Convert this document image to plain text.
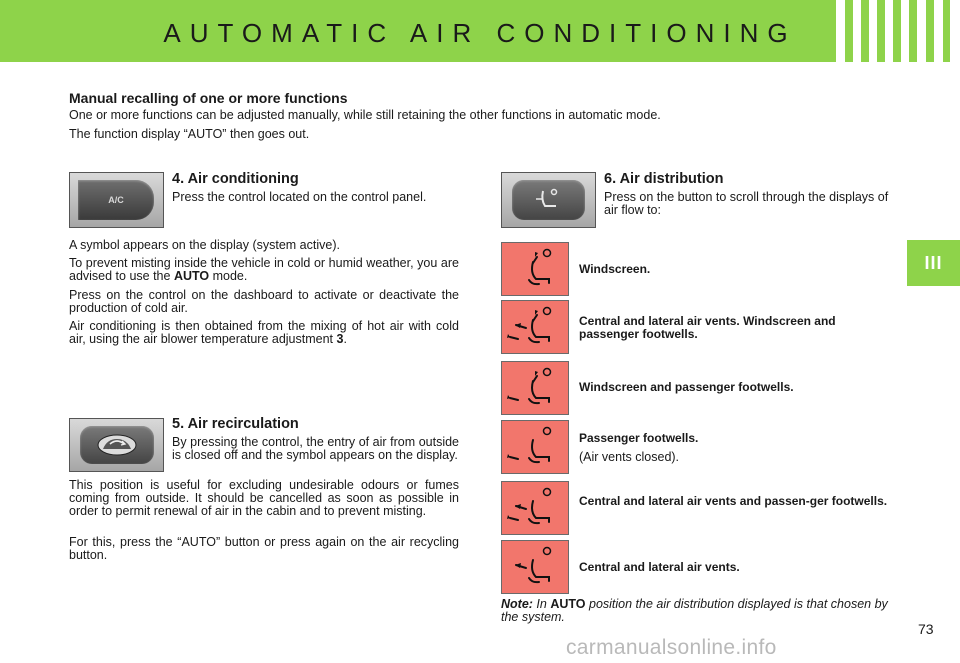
AUTOMATIC AIR CONDITIONING
III
Manual recalling of one or more functions
One or more functions can be adjusted manually, while still retaining the other functions in automatic mode.
The function display “AUTO” then goes out.
A/C
4. Air conditioning
Press the control located on the control panel.
A symbol appears on the display (system active).
To prevent misting inside the vehicle in cold or humid weather, you are advised to use the AUTO mode.
Press on the control on the dashboard to activate or deactivate the production of cold air.
Air conditioning is then obtained from the mixing of hot air with cold air, using the air blower temperature adjustment 3.
5. Air recirculation
By pressing the control, the entry of air from outside is closed off and the symbol appears on the display.
This position is useful for excluding undesirable odours or fumes coming from outside. It should be cancelled as soon as possible in order to permit renewal of air in the cabin and to prevent misting.
For this, press the “AUTO” button or press again on the air recycling button.
6. Air distribution
Press on the button to scroll through the displays of air flow to:
Windscreen.
Central and lateral air vents. Windscreen and passenger footwells.
Windscreen and passenger footwells.
Passenger footwells.
(Air vents closed).
Central and lateral air vents and passen-ger footwells.
Central and lateral air vents.
Note: In AUTO position the air distribution displayed is that chosen by the system.
73
carmanualsonline.info
